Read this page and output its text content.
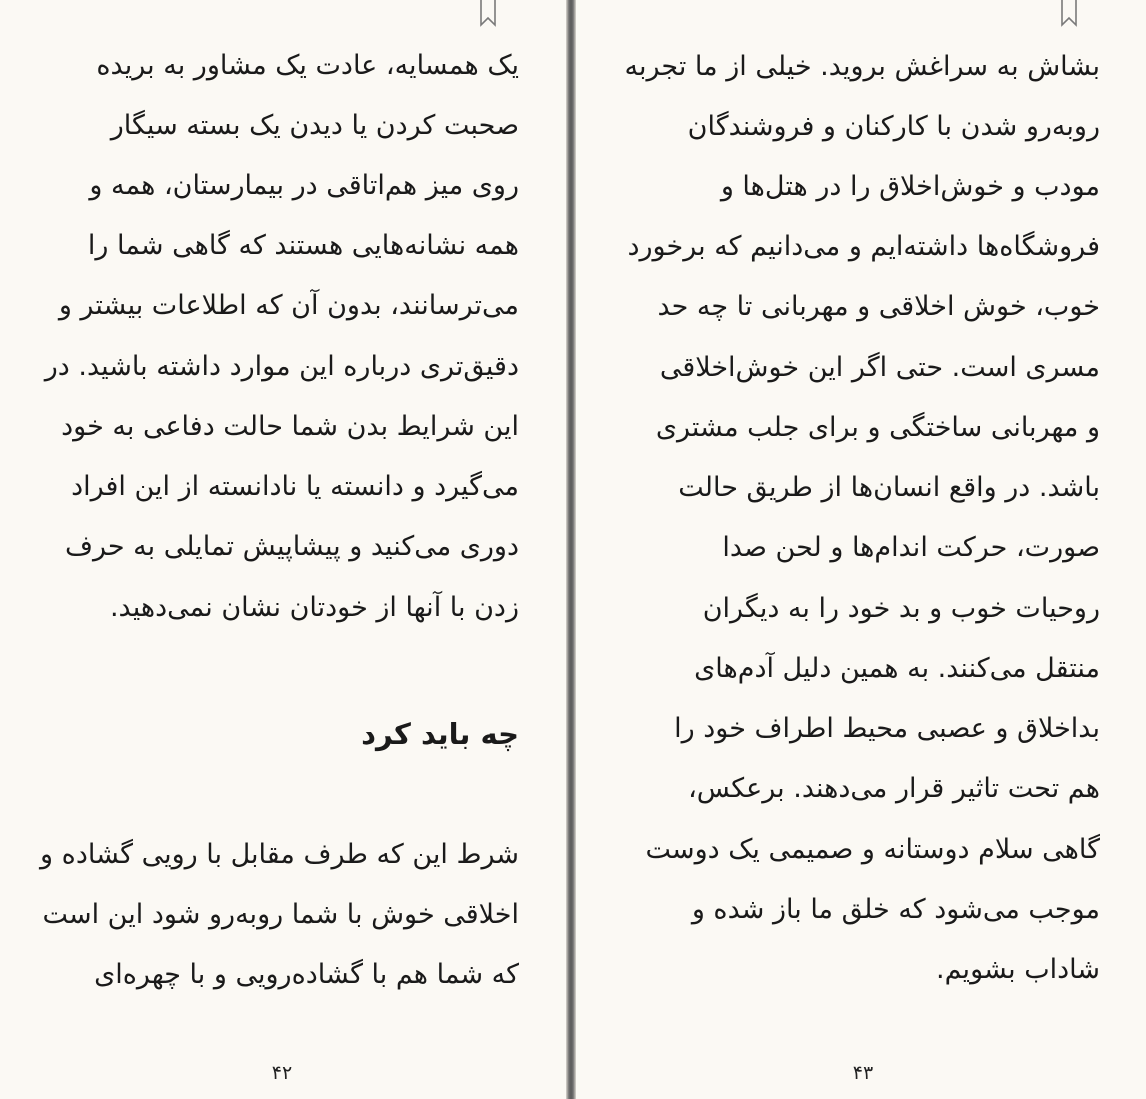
یک همسایه، عادت یک مشاور به بریده
صحبت کردن یا دیدن یک بسته سیگار
روی میز هم‌اتاقی در بیمارستان، همه و
همه نشانه‌هایی هستند که گاهی شما را
می‌ترسانند، بدون آن که اطلاعات بیشتر و
دقیق‌تری درباره این موارد داشته باشید. در
این شرایط بدن شما حالت دفاعی به خود
می‌گیرد و دانسته یا نادانسته از این افراد
دوری می‌کنید و پیشاپیش تمایلی به حرف
زدن با آنها از خودتان نشان نمی‌دهید.
چه باید کرد
شرط این که طرف مقابل با رویی گشاده و
اخلاقی خوش با شما روبه‌رو شود این است
که شما هم با گشاده‌رویی و با چهره‌ای
۴۲
بشاش به سراغش بروید. خیلی از ما تجربه
روبه‌رو شدن با کارکنان و فروشندگان
مودب و خوش‌اخلاق را در هتل‌ها و
فروشگاه‌ها داشته‌ایم و می‌دانیم که برخورد
خوب، خوش اخلاقی و مهربانی تا چه حد
مسری است. حتی اگر این خوش‌اخلاقی
و مهربانی ساختگی و برای جلب مشتری
باشد. در واقع انسان‌ها از طریق حالت
صورت، حرکت اندام‌ها و لحن صدا
روحیات خوب و بد خود را به دیگران
منتقل می‌کنند. به همین دلیل آدم‌های
بداخلاق و عصبی محیط اطراف خود را
هم تحت تاثیر قرار می‌دهند. برعکس،
گاهی سلام دوستانه و صمیمی یک دوست
موجب می‌شود که خلق ما باز شده و
شاداب بشویم.
۴۳
